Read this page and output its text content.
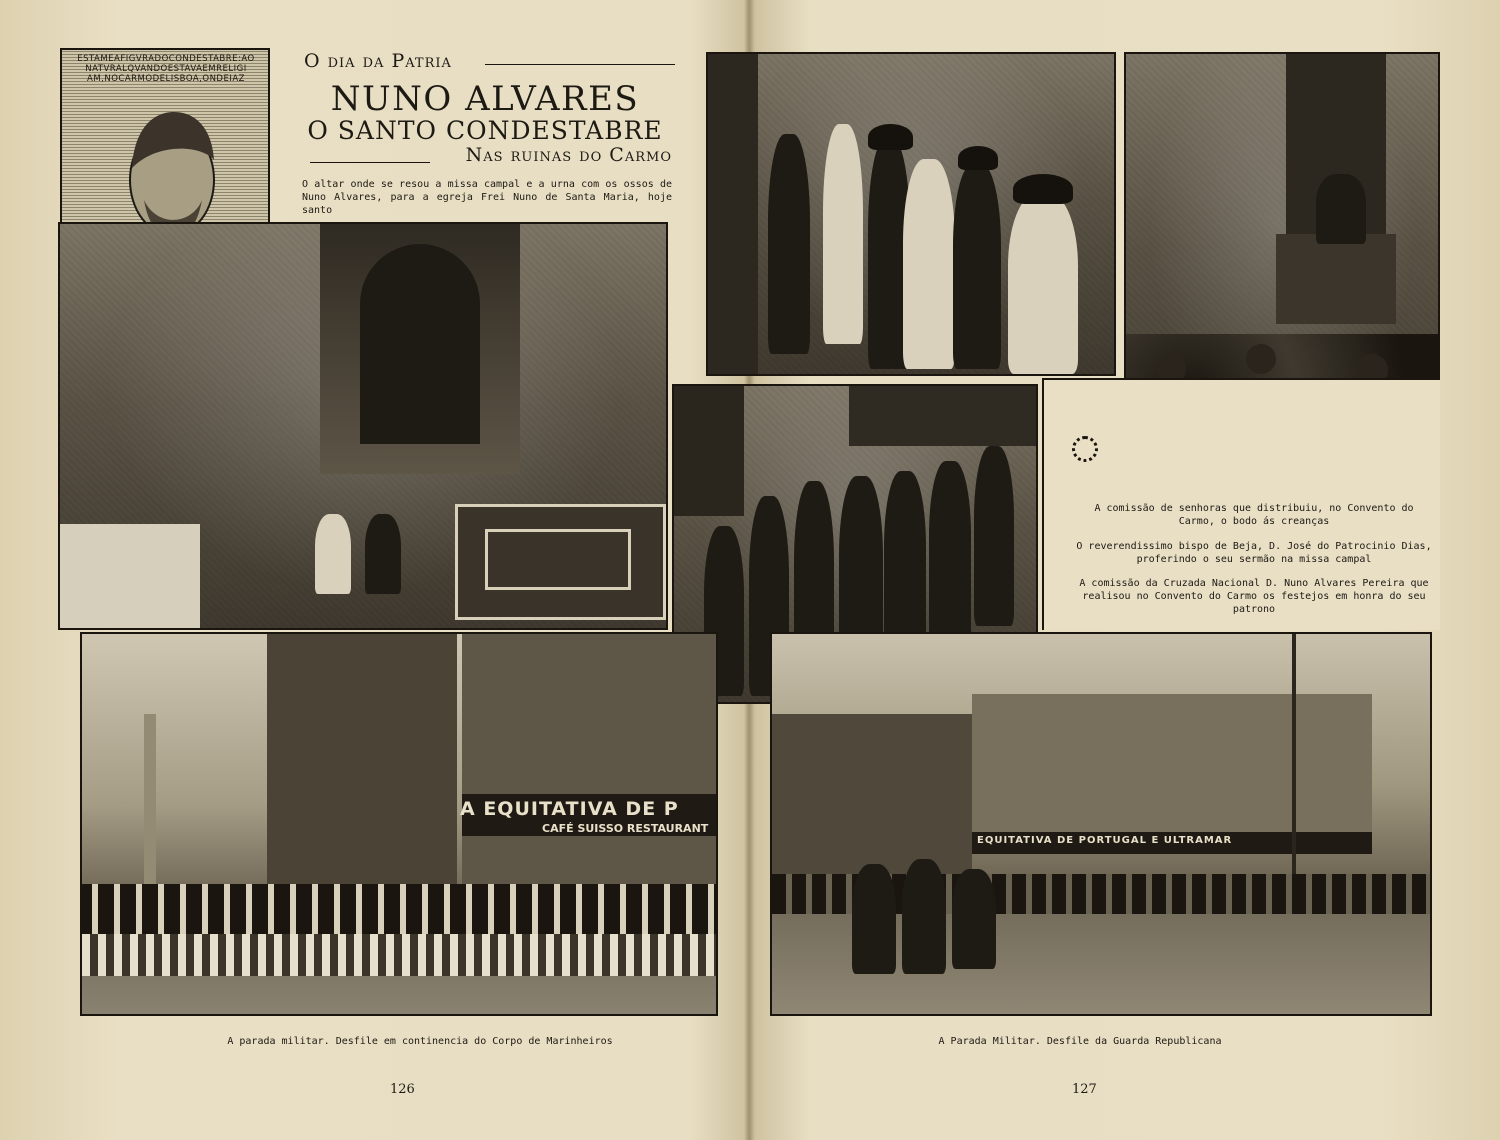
ESTAMEAFIGVRADOCONDESTABRE:AO NATVRALQVANDOESTAVAEMRELIGI AM,NOCARMODELISBOA,ONDEIAZ
O dia da Patria
NUNO ALVARES
O SANTO CONDESTABRE
Nas ruinas do Carmo
O altar onde se resou a missa campal e a urna com os ossos de Nuno Alvares, para a egreja Frei Nuno de Santa Maria, hoje santo

A comissão de senhoras que distribuiu, no Convento do Carmo, o bodo ás creanças

O reverendissimo bispo de Beja, D. José do Patrocinio Dias, proferindo o seu sermão na missa campal

A comissão da Cruzada Nacional D. Nuno Alvares Pereira que realisou no Convento do Carmo os festejos em honra do seu patrono

A EQUITATIVA DE P
CAFÉ SUISSO RESTAURANT
EQUITATIVA DE PORTUGAL E ULTRAMAR
A parada militar. Desfile em continencia do Corpo de Marinheiros	A Parada Militar. Desfile da Guarda Republicana
126	127
